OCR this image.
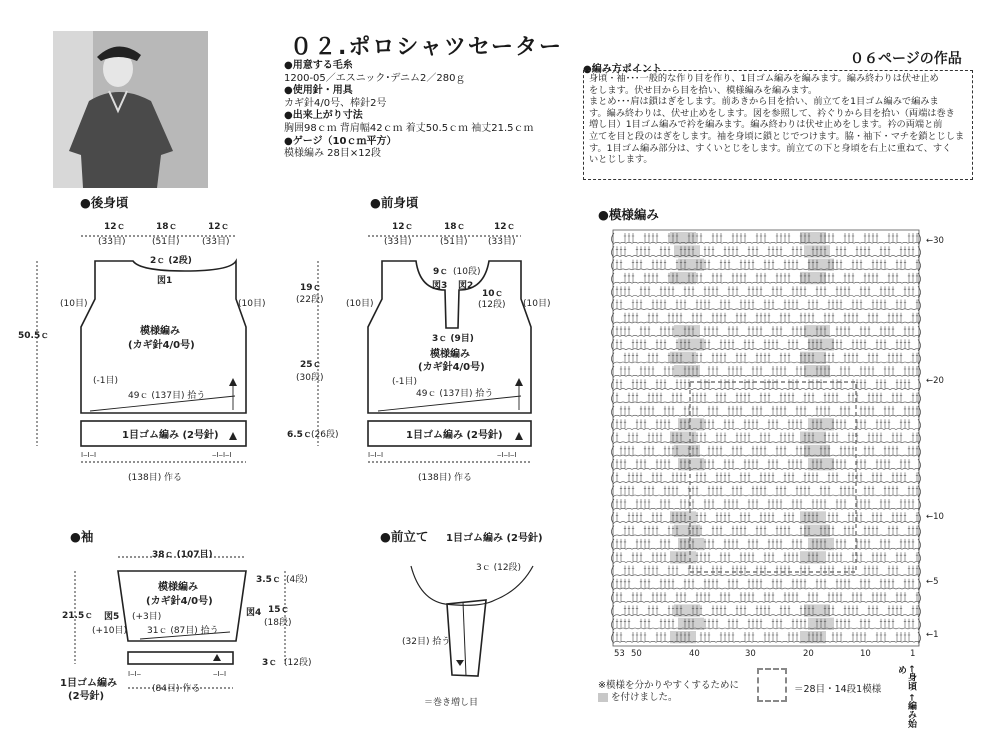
０２.ポロシャツセーター	０６ページの作品
●用意する毛糸
1200-05／エスニック･デニム2／280ｇ
●使用針・用具
カギ針4/0号、棒針2号
●出来上がり寸法
胸囲98ｃｍ 背肩幅42ｃｍ 着丈50.5ｃｍ 袖丈21.5ｃｍ
●ゲージ（10ｃｍ平方）
模様編み 28目×12段
●編み方ポイント
身頃・袖･･･一般的な作り目を作り、1目ゴム編みを編みます。編み終わりは伏せ止め
をします。伏せ目から目を拾い、模様編みを編みます。
まとめ･･･肩は鎖はぎをします。前あきから目を拾い、前立てを1目ゴム編みで編みま
す。編み終わりは、伏せ止めをします。図を参照して、衿ぐりから目を拾い（両端は巻き
増し目）1目ゴム編みで衿を編みます。編み終わりは伏せ止めをします。衿の両端と前
立てを目と段のはぎをします。袖を身頃に鎖とじでつけます。脇・袖下・マチを鎖とじしま
す。1目ゴム編み部分は、すくいとじをします。前立ての下と身頃を右上に重ねて、すく
いとじします。
●後身頃	●前身頃
●模様編み
●袖	●前立て
12ｃ
(33目)
18ｃ
(51目)
12ｃ
(33目)
2ｃ (2段)
図1
50.5ｃ
(10目)	(10目)
模様編み
(カギ針4/0号)
(-1目)
49ｃ (137目) 拾う
1目ゴム編み (2号針)
I‒I‒I	‒I‒I‒I
(138目) 作る
12ｃ
(33目)
18ｃ
(51目)
12ｃ
(33目)
19ｃ
(22段)
25ｃ
(30段)
6.5ｃ (26段)
9ｃ (10段)
図3 図2
10ｃ
(12段)
3ｃ (9目)
(10目)	(10目)
模様編み
(カギ針4/0号)
(-1目)
49ｃ (137目) 拾う
1目ゴム編み (2号針)
I‒I‒I	‒I‒I‒I
(138目) 作る
38ｃ (107目)
模様編み
(カギ針4/0号)
21.5ｃ
3.5ｃ (4段)
15ｃ
(18段)
3ｃ (12段)
図5	図4
(+3目)
(+10目) 31ｃ (87目) 拾う
I‒I‒	‒I‒I
1目ゴム編み
(2号針)
(84目) 作る
1目ゴム編み (2号針)
3ｃ (12段)
(32目) 拾う
＝巻き増し目
←30
←20
←10
←5
←1
53 50	40	30	20	10	1
←身頃 ←編み始め
※模様を分かりやすくするために
を付けました。
＝28目・14段1模様
